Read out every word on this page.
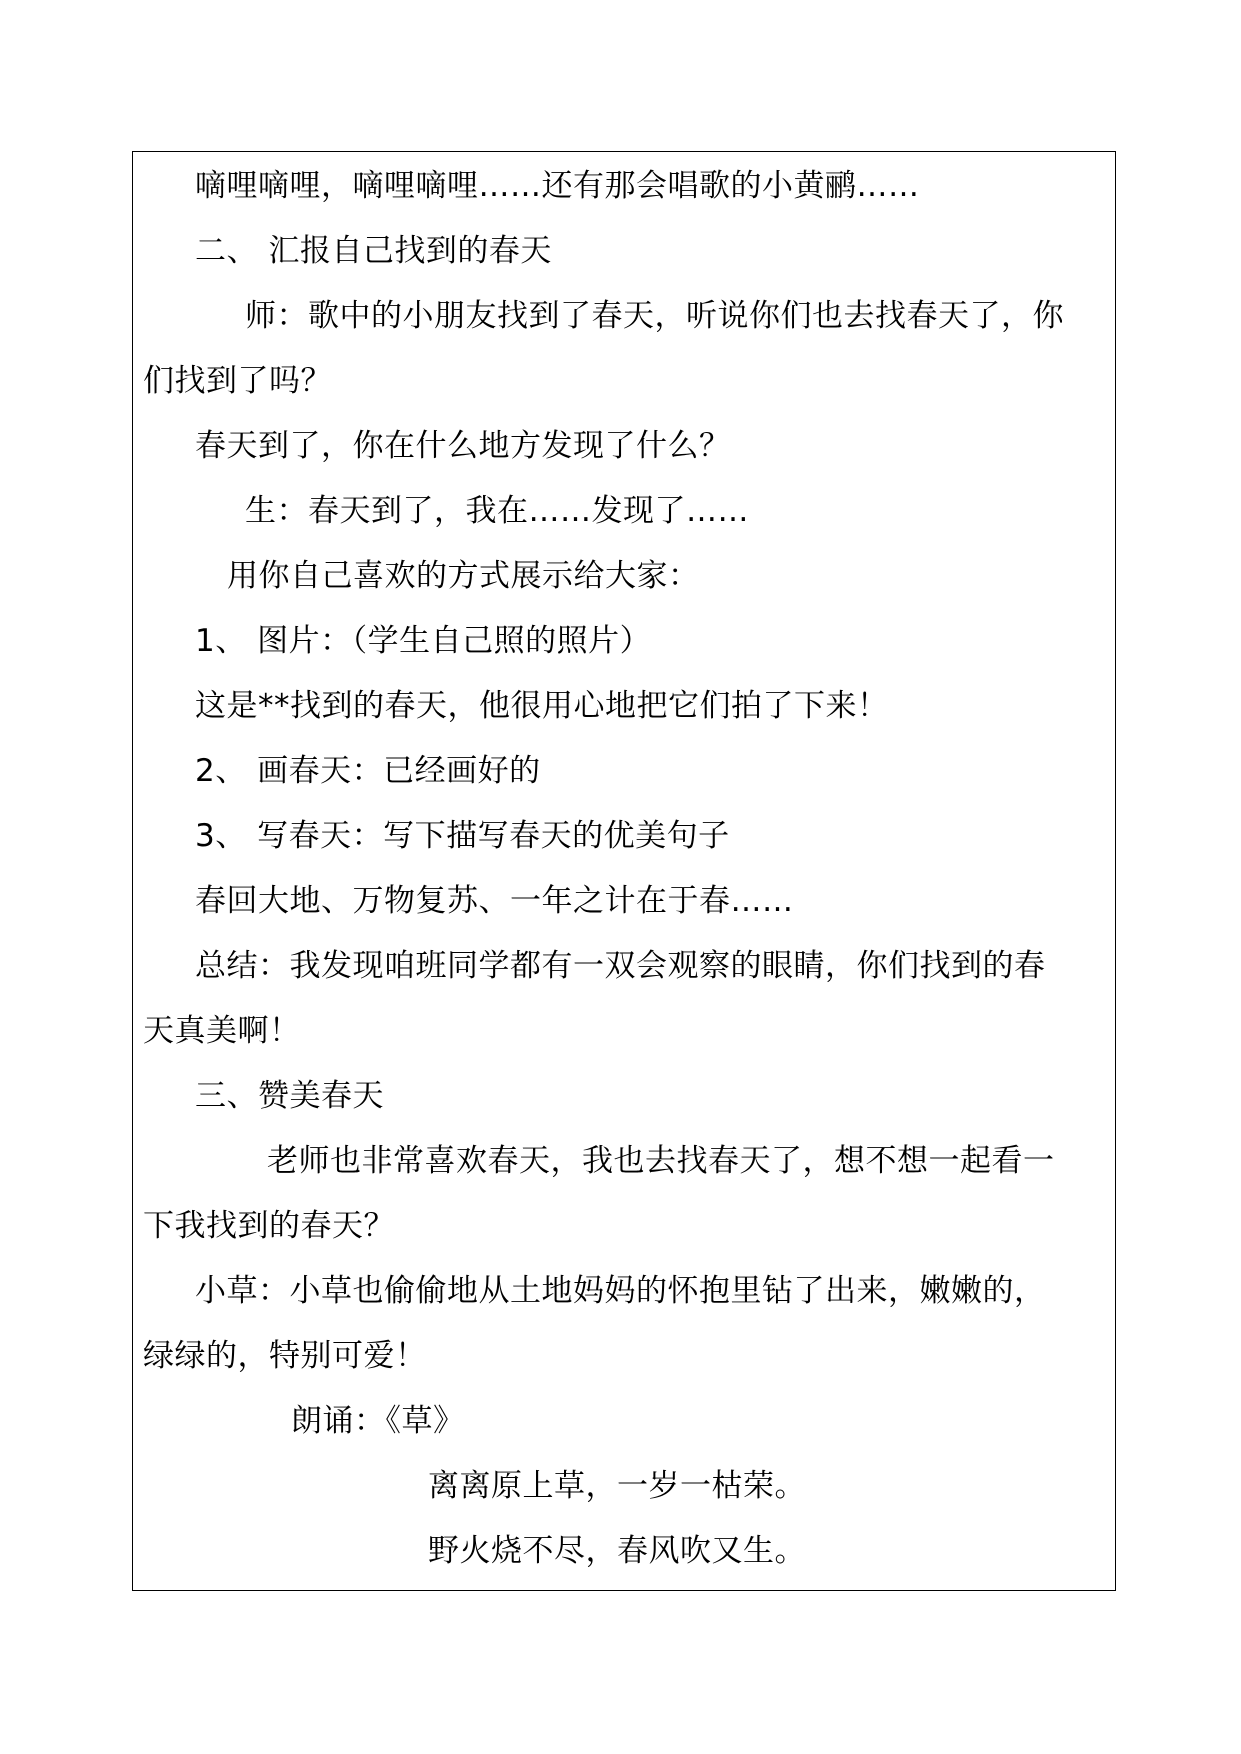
嘀哩嘀哩，嘀哩嘀哩……还有那会唱歌的小黄鹂……
二、 汇报自己找到的春天
师：歌中的小朋友找到了春天，听说你们也去找春天了，你
们找到了吗？
春天到了，你在什么地方发现了什么？
生：春天到了，我在……发现了……
用你自己喜欢的方式展示给大家：
1、 图片：（学生自己照的照片）
这是**找到的春天，他很用心地把它们拍了下来！
2、 画春天：已经画好的
3、 写春天：写下描写春天的优美句子
春回大地、万物复苏、一年之计在于春……
总结：我发现咱班同学都有一双会观察的眼睛，你们找到的春
天真美啊！
三、赞美春天
老师也非常喜欢春天，我也去找春天了，想不想一起看一
下我找到的春天？
小草：小草也偷偷地从土地妈妈的怀抱里钻了出来，嫩嫩的，
绿绿的，特别可爱！
朗诵：《草》
离离原上草，一岁一枯荣。
野火烧不尽，春风吹又生。
